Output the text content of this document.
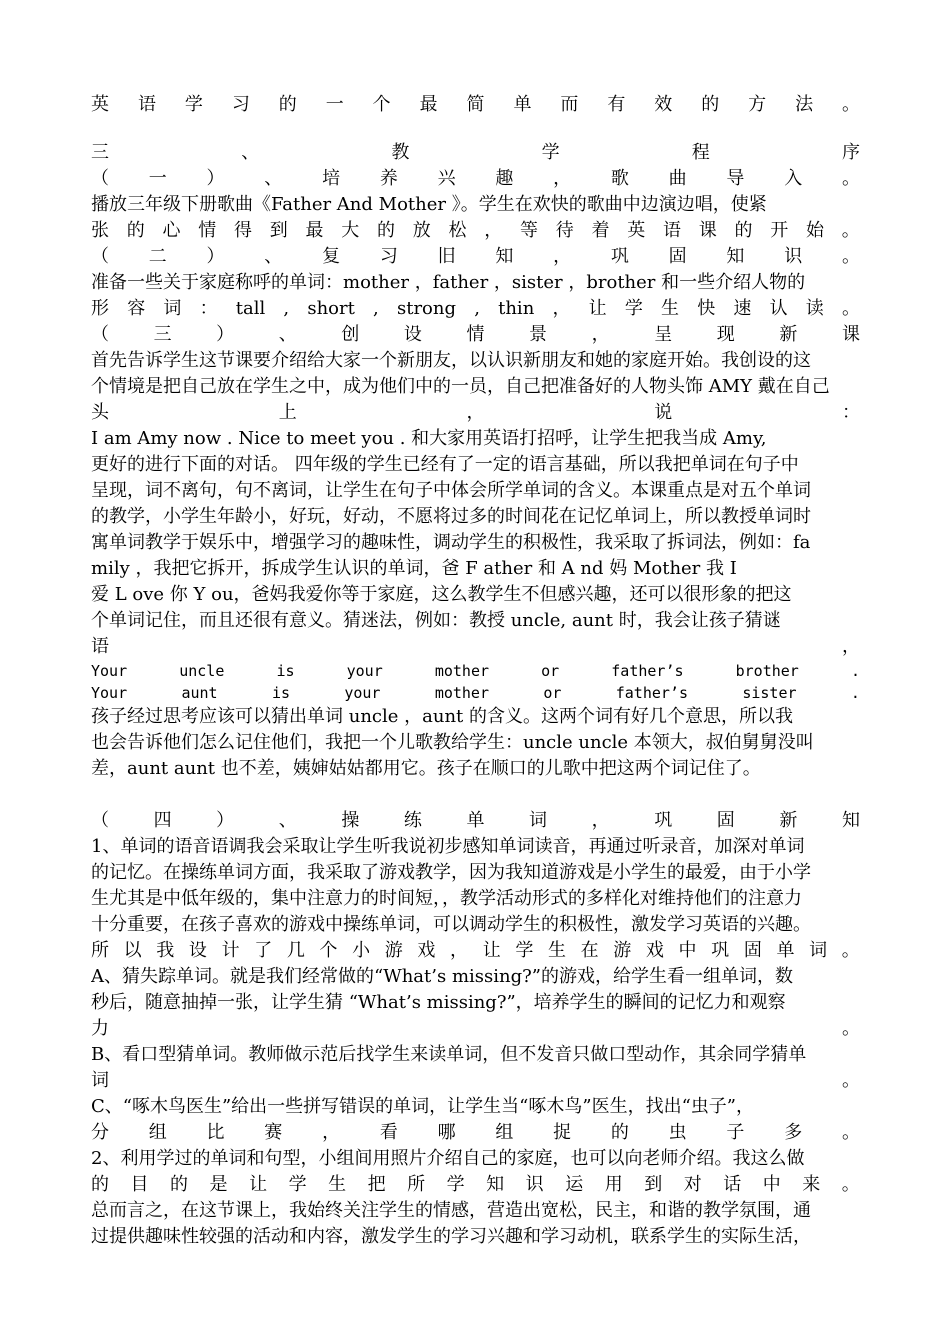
英 语 学 习 的 一 个 最 简 单 而 有 效 的 方 法 。
三	、	教	学	程	序
（ 一 ） 、 培 养 兴 趣 ， 歌 曲 导 入 。
播放三年级下册歌曲《Father And Mother 》。学生在欢快的歌曲中边演边唱，使紧
张 的 心 情 得 到 最 大 的 放 松 ， 等 待 着 英 语 课 的 开 始 。
（ 二 ） 、 复 习 旧 知 ， 巩 固 知 识 。
准备一些关于家庭称呼的单词：mother ，father ，sister ，brother 和一些介绍人物的
形 容 词 ： tall , short , strong , thin ， 让 学 生 快 速 认 读 。
（ 三 ） 、 创 设 情 景 ， 呈 现 新 课
首先告诉学生这节课要介绍给大家一个新朋友，以认识新朋友和她的家庭开始。我创设的这
个情境是把自己放在学生之中，成为他们中的一员，自己把准备好的人物头饰 AMY 戴在自己
头	上	，	说	：
I am Amy now . Nice to meet you . 和大家用英语打招呼，让学生把我当成 Amy,
更好的进行下面的对话。 四年级的学生已经有了一定的语言基础，所以我把单词在句子中
呈现，词不离句，句不离词，让学生在句子中体会所学单词的含义。本课重点是对五个单词
的教学，小学生年龄小，好玩，好动，不愿将过多的时间花在记忆单词上，所以教授单词时
寓单词教学于娱乐中，增强学习的趣味性，调动学生的积极性，我采取了拆词法，例如：fa
mily ，我把它拆开，拆成学生认识的单词，爸 F ather 和 A nd 妈 Mother 我 I
爱 L ove 你 Y ou，爸妈我爱你等于家庭，这么教学生不但感兴趣，还可以很形象的把这
个单词记住，而且还很有意义。猜迷法，例如：教授 uncle, aunt 时，我会让孩子猜谜
语	，
Your	uncle	is	your	mother	or	father’s	brother	.
Your	aunt	is	your	mother	or	father’s	sister	.
孩子经过思考应该可以猜出单词 uncle ，aunt 的含义。这两个词有好几个意思，所以我
也会告诉他们怎么记住他们，我把一个儿歌教给学生：uncle uncle 本领大，叔伯舅舅没叫
差，aunt aunt 也不差，姨婶姑姑都用它。孩子在顺口的儿歌中把这两个词记住了。
（ 四 ） 、 操 练 单 词 ， 巩 固 新 知
1、单词的语音语调我会采取让学生听我说初步感知单词读音，再通过听录音，加深对单词
的记忆。在操练单词方面，我采取了游戏教学，因为我知道游戏是小学生的最爱，由于小学
生尤其是中低年级的，集中注意力的时间短，，教学活动形式的多样化对维持他们的注意力
十分重要，在孩子喜欢的游戏中操练单词，可以调动学生的积极性，激发学习英语的兴趣。
所 以 我 设 计 了 几 个 小 游 戏 ， 让 学 生 在 游 戏 中 巩 固 单 词 。
A、猜失踪单词。就是我们经常做的“What’s missing?”的游戏，给学生看一组单词，数
秒后，随意抽掉一张，让学生猜 “What’s missing?”，培养学生的瞬间的记忆力和观察
力	。
B、看口型猜单词。教师做示范后找学生来读单词，但不发音只做口型动作，其余同学猜单
词	。
C、“啄木鸟医生”给出一些拼写错误的单词，让学生当“啄木鸟”医生，找出“虫子”，
分 组 比 赛 ， 看 哪 组 捉 的 虫 子 多 。
2、利用学过的单词和句型，小组间用照片介绍自己的家庭，也可以向老师介绍。我这么做
的 目 的 是 让 学 生 把 所 学 知 识 运 用 到 对 话 中 来 。
总而言之，在这节课上，我始终关注学生的情感，营造出宽松，民主，和谐的教学氛围，通
过提供趣味性较强的活动和内容，激发学生的学习兴趣和学习动机，联系学生的实际生活，
